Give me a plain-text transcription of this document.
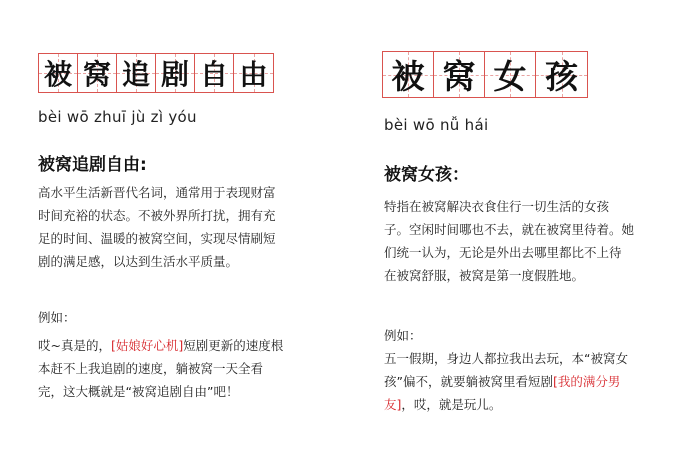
被 窝 追 剧 自 由
bèi wō zhuī jù zì yóu
被窝追剧自由:
高水平生活新晋代名词，通常用于表现财富
时间充裕的状态。不被外界所打扰，拥有充
足的时间、温暖的被窝空间，实现尽情刷短
剧的满足感，以达到生活水平质量。
例如：
哎~真是的，[姑娘好心机]短剧更新的速度根
本赶不上我追剧的速度，躺被窝一天全看
完，这大概就是“被窝追剧自由”吧！
被 窝 女 孩
bèi wō nǚ hái
被窝女孩：
特指在被窝解决衣食住行一切生活的女孩
子。空闲时间哪也不去，就在被窝里待着。她
们统一认为，无论是外出去哪里都比不上待
在被窝舒服，被窝是第一度假胜地。
例如：
五一假期，身边人都拉我出去玩，本“被窝女
孩”偏不，就要躺被窝里看短剧[我的满分男
友]，哎，就是玩儿。
